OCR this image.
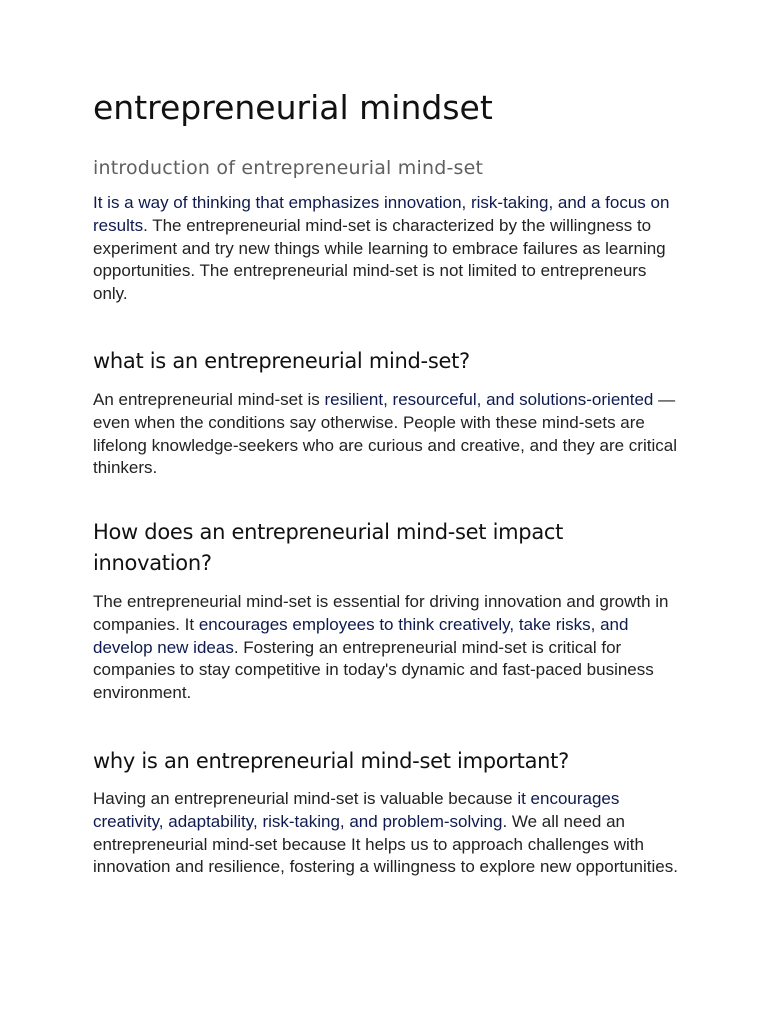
entrepreneurial mindset
introduction of entrepreneurial mind-set

It is a way of thinking that emphasizes innovation, risk-taking, and a focus on results. The entrepreneurial mind-set is characterized by the willingness to experiment and try new things while learning to embrace failures as learning opportunities. The entrepreneurial mind-set is not limited to entrepreneurs only.

what is an entrepreneurial mind-set?

An entrepreneurial mind-set is resilient, resourceful, and solutions-oriented — even when the conditions say otherwise. People with these mind-sets are lifelong knowledge-seekers who are curious and creative, and they are critical thinkers.

How does an entrepreneurial mind-set impact innovation?

The entrepreneurial mind-set is essential for driving innovation and growth in companies. It encourages employees to think creatively, take risks, and develop new ideas. Fostering an entrepreneurial mind-set is critical for companies to stay competitive in today's dynamic and fast-paced business environment.

why is an entrepreneurial mind-set important?

Having an entrepreneurial mind-set is valuable because it encourages creativity, adaptability, risk-taking, and problem-solving. We all need an entrepreneurial mind-set because It helps us to approach challenges with innovation and resilience, fostering a willingness to explore new opportunities.
